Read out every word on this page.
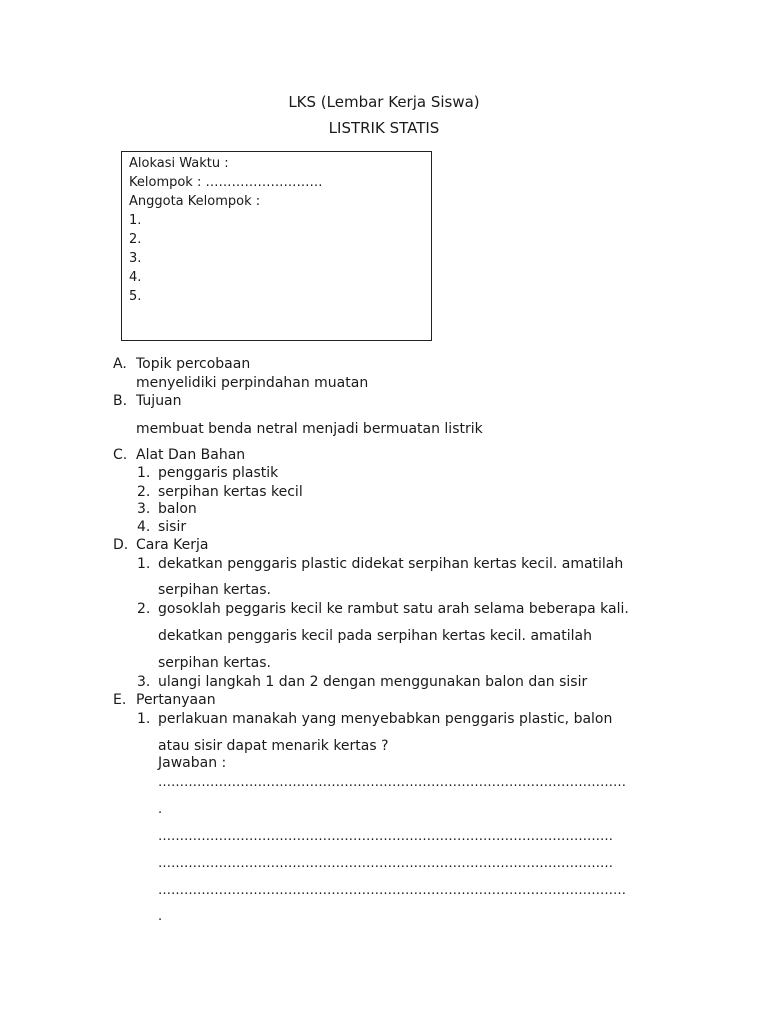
LKS (Lembar Kerja Siswa)
LISTRIK STATIS
Alokasi Waktu :
Kelompok : ………………………
Anggota Kelompok :
1.
2.
3.
4.
5.
A. Topik percobaan
menyelidiki perpindahan muatan
B. Tujuan
membuat benda netral menjadi bermuatan listrik
C. Alat Dan Bahan
1. penggaris plastik
2. serpihan kertas kecil
3. balon
4. sisir
D. Cara Kerja
1. dekatkan penggaris plastic didekat serpihan kertas kecil. amatilah
serpihan kertas.
2. gosoklah peggaris kecil ke rambut satu arah selama beberapa kali.
dekatkan penggaris kecil pada serpihan kertas kecil. amatilah
serpihan kertas.
3. ulangi langkah 1 dan 2 dengan menggunakan balon dan sisir
E. Pertanyaan
1. perlakuan manakah yang menyebabkan penggaris plastic, balon
atau sisir dapat menarik kertas ?
Jawaban :
………………………………………………………………………………………………
.
……………………………………………………………………………………………
……………………………………………………………………………………………
………………………………………………………………………………………………
.
